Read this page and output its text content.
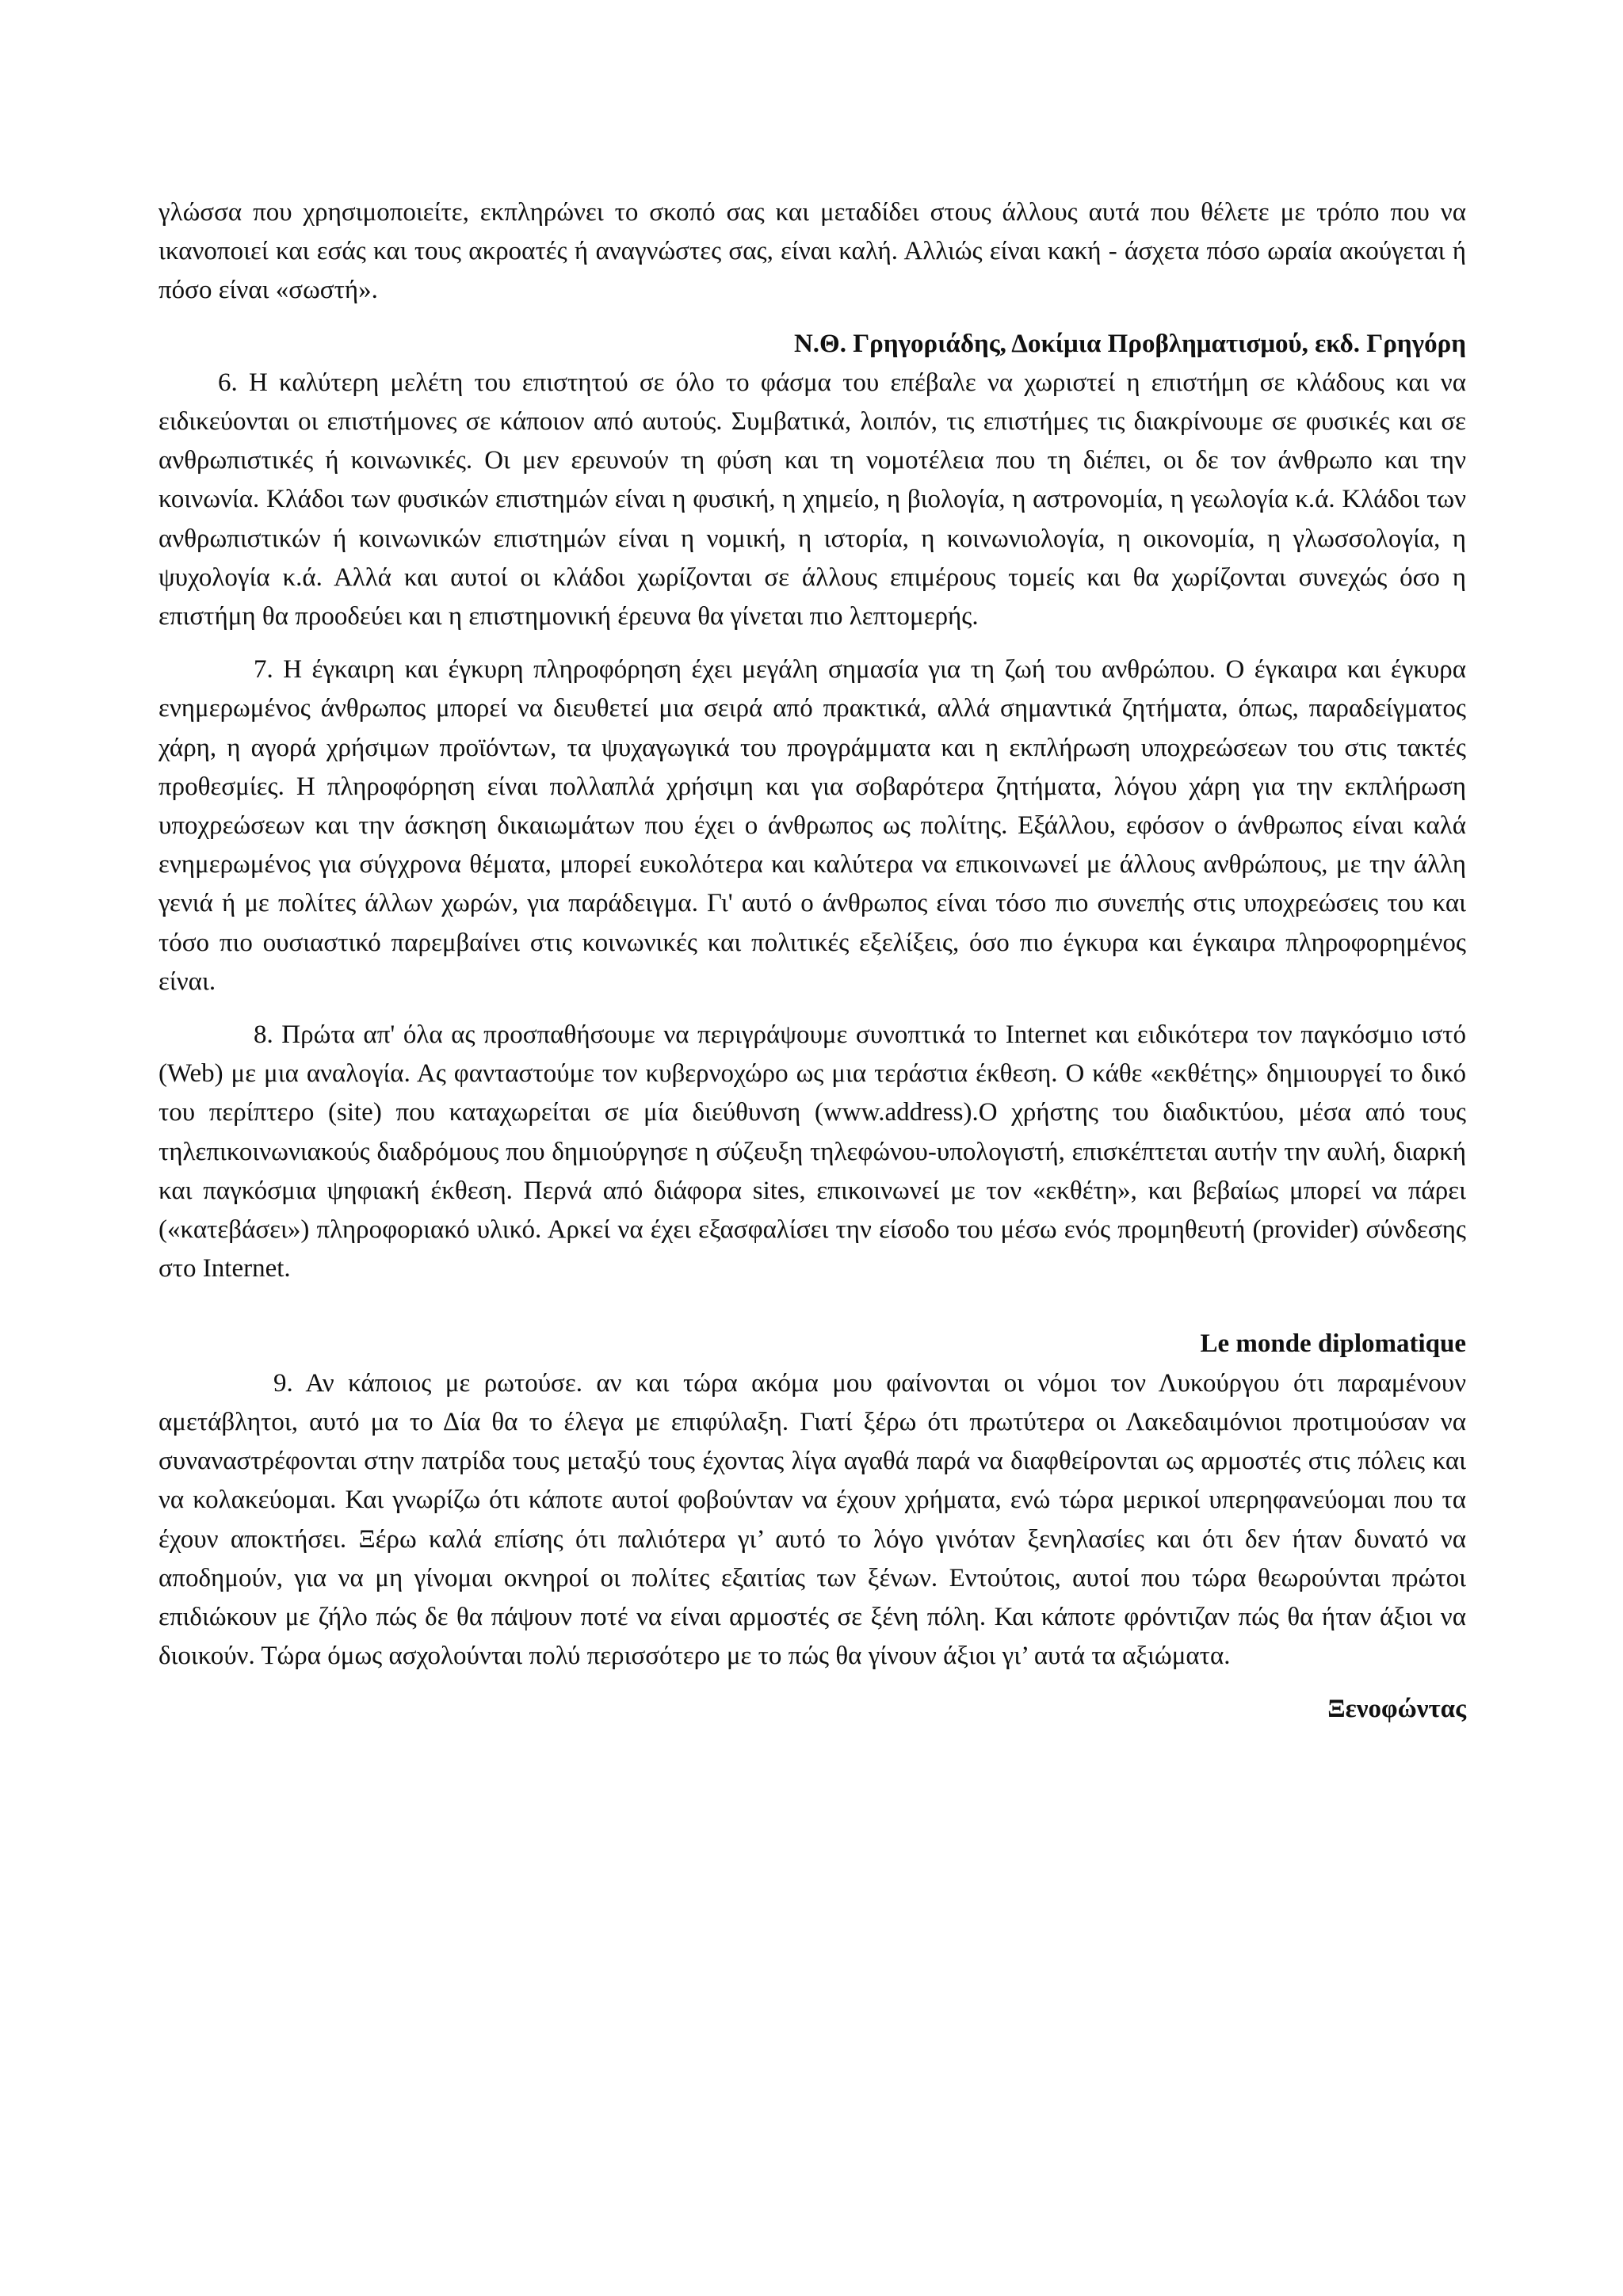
γλώσσα που χρησιμοποιείτε, εκπληρώνει το σκοπό σας και μεταδίδει στους άλλους αυτά που θέλετε με τρόπο που να ικανοποιεί και εσάς και τους ακροατές ή αναγνώστες σας, είναι καλή. Αλλιώς είναι κακή - άσχετα πόσο ωραία ακούγεται ή πόσο είναι «σωστή».

Ν.Θ. Γρηγοριάδης, Δοκίμια Προβληματισμού, εκδ. Γρηγόρη

6. Η καλύτερη μελέτη του επιστητού σε όλο το φάσμα του επέβαλε να χωριστεί η επιστήμη σε κλάδους και να ειδικεύονται οι επιστήμονες σε κάποιον από αυτούς. Συμβατικά, λοιπόν, τις επιστήμες τις διακρίνουμε σε φυσικές και σε ανθρωπιστικές ή κοινωνικές. Οι μεν ερευνούν τη φύση και τη νομοτέλεια που τη διέπει, οι δε τον άνθρωπο και την κοινωνία. Κλάδοι των φυσικών επιστημών είναι η φυσική, η χημείο, η βιολογία, η αστρονομία, η γεωλογία κ.ά. Κλάδοι των ανθρωπιστικών ή κοινωνικών επιστημών είναι η νομική, η ιστορία, η κοινωνιολογία, η οικονομία, η γλωσσολογία, η ψυχολογία κ.ά. Αλλά και αυτοί οι κλάδοι χωρίζονται σε άλλους επιμέρους τομείς και θα χωρίζονται συνεχώς όσο η επιστήμη θα προοδεύει και η επιστημονική έρευνα θα γίνεται πιο λεπτομερής.

7. Η έγκαιρη και έγκυρη πληροφόρηση έχει μεγάλη σημασία για τη ζωή του ανθρώπου. Ο έγκαιρα και έγκυρα ενημερωμένος άνθρωπος μπορεί να διευθετεί μια σειρά από πρακτικά, αλλά σημαντικά ζητήματα, όπως, παραδείγματος χάρη, η αγορά χρήσιμων προϊόντων, τα ψυχαγωγικά του προγράμματα και η εκπλήρωση υποχρεώσεων του στις τακτές προθεσμίες. Η πληροφόρηση είναι πολλαπλά χρήσιμη και για σοβαρότερα ζητήματα, λόγου χάρη για την εκπλήρωση υποχρεώσεων και την άσκηση δικαιωμάτων που έχει ο άνθρωπος ως πολίτης. Εξάλλου, εφόσον ο άνθρωπος είναι καλά ενημερωμένος για σύγχρονα θέματα, μπορεί ευκολότερα και καλύτερα να επικοινωνεί με άλλους ανθρώπους, με την άλλη γενιά ή με πολίτες άλλων χωρών, για παράδειγμα. Γι' αυτό ο άνθρωπος είναι τόσο πιο συνεπής στις υποχρεώσεις του και τόσο πιο ουσιαστικό παρεμβαίνει στις κοινωνικές και πολιτικές εξελίξεις, όσο πιο έγκυρα και έγκαιρα πληροφορημένος είναι.

8. Πρώτα απ' όλα ας προσπαθήσουμε να περιγράψουμε συνοπτικά το Internet και ειδικότερα τον παγκόσμιο ιστό (Web) με μια αναλογία. Ας φανταστούμε τον κυβερνοχώρο ως μια τεράστια έκθεση. Ο κάθε «εκθέτης» δημιουργεί το δικό του περίπτερο (site) που καταχωρείται σε μία διεύθυνση (www.address).Ο χρήστης του διαδικτύου, μέσα από τους τηλεπικοινωνιακούς διαδρόμους που δημιούργησε η σύζευξη τηλεφώνου-υπολογιστή, επισκέπτεται αυτήν την αυλή, διαρκή και παγκόσμια ψηφιακή έκθεση. Περνά από διάφορα sites, επικοινωνεί με τον «εκθέτη», και βεβαίως μπορεί να πάρει («κατεβάσει») πληροφοριακό υλικό. Αρκεί να έχει εξασφαλίσει την είσοδο του μέσω ενός προμηθευτή (provider) σύνδεσης στο Internet.

Le monde diplomatique

9. Αν κάποιος με ρωτούσε. αν και τώρα ακόμα μου φαίνονται οι νόμοι τον Λυκούργου ότι παραμένουν αμετάβλητοι, αυτό μα το Δία θα το έλεγα με επιφύλαξη. Γιατί ξέρω ότι πρωτύτερα οι Λακεδαιμόνιοι προτιμούσαν να συναναστρέφονται στην πατρίδα τους μεταξύ τους έχοντας λίγα αγαθά παρά να διαφθείρονται ως αρμοστές στις πόλεις και να κολακεύομαι. Και γνωρίζω ότι κάποτε αυτοί φοβούνταν να έχουν χρήματα, ενώ τώρα μερικοί υπερηφανεύομαι που τα έχουν αποκτήσει. Ξέρω καλά επίσης ότι παλιότερα γι’ αυτό το λόγο γινόταν ξενηλασίες και ότι δεν ήταν δυνατό να αποδημούν, για να μη γίνομαι οκνηροί οι πολίτες εξαιτίας των ξένων. Εντούτοις, αυτοί που τώρα θεωρούνται πρώτοι επιδιώκουν με ζήλο πώς δε θα πάψουν ποτέ να είναι αρμοστές σε ξένη πόλη. Και κάποτε φρόντιζαν πώς θα ήταν άξιοι να διοικούν. Τώρα όμως ασχολούνται πολύ περισσότερο με το πώς θα γίνουν άξιοι γι’ αυτά τα αξιώματα.

Ξενοφώντας
